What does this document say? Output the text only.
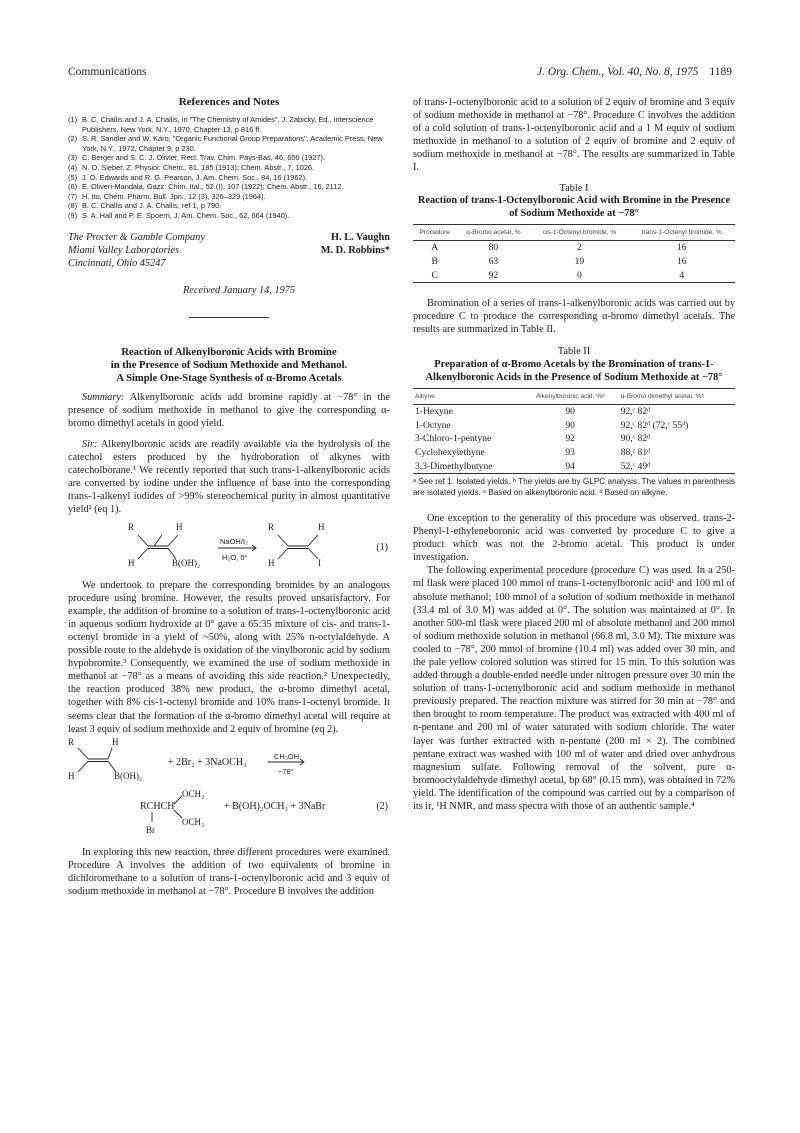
Communications	J. Org. Chem., Vol. 40, No. 8, 1975 1189
References and Notes

(1) B. C. Challis and J. A. Challis, in "The Chemistry of Amides", J. Zabicky, Ed., Interscience Publishers, New York, N.Y., 1970, Chapter 13, p 816 ff.

(2) S. R. Sandler and W. Karo, "Organic Functional Group Preparations", Academic Press, New York, N.Y., 1972, Chapter 9, p 230.

(3) C. Berger and S. C. J. Olivier, Recl. Trav. Chim. Pays-Bas, 46, 600 (1927).

(4) N. O. Sieber, Z. Physiol. Chem., 81, 185 (1913); Chem. Abstr., 7, 1026.

(5) J. O. Edwards and R. G. Pearson, J. Am. Chem. Soc., 84, 16 (1962).

(6) E. Oliveri-Mandala, Gazz. Chim. Ital., 52 (I), 107 (1922); Chem. Abstr., 16, 2112.

(7) H. Ito, Chem. Pharm. Bull. Jpn., 12 (3), 326–329 (1964).

(8) B. C. Challis and J. A. Challis, ref 1, p 790.

(9) S. A. Hall and P. E. Spoerri, J. Am. Chem. Soc., 62, 664 (1940).

The Procter & Gamble Company
Miami Valley Laboratories
Cincinnati, Ohio 45247
H. L. Vaughn
M. D. Robbins*
Received January 14, 1975
Reaction of Alkenylboronic Acids with Bromine
in the Presence of Sodium Methoxide and Methanol.
A Simple One-Stage Synthesis of α-Bromo Acetals

Summary: Alkenylboronic acids add bromine rapidly at −78° in the presence of sodium methoxide in methanol to give the corresponding α-bromo dimethyl acetals in good yield.

Sir: Alkenylboronic acids are readily available via the hydrolysis of the catechol esters produced by the hydroboration of alkynes with catecholborane.¹ We recently reported that such trans-1-alkenylboronic acids are converted by iodine under the influence of base into the corresponding trans-1-alkenyl iodides of >99% stereochemical purity in almost quantitative yield² (eq 1).

R	H
H	B(OH)₂
NaOH/I₂
H₂O, 0°
R	H
H	I
(1)

We undertook to prepare the corresponding bromides by an analogous procedure using bromine. However, the results proved unsatisfactory. For example, the addition of bromine to a solution of trans-1-octenylboronic acid in aqueous sodium hydroxide at 0° gave a 65:35 mixture of cis- and trans-1-octenyl bromide in a yield of ~50%, along with 25% n-octylaldehyde. A possible route to the aldehyde is oxidation of the vinylboronic acid by sodium hypobromite.³ Consequently, we examined the use of sodium methoxide in methanol at −78° as a means of avoiding this side reaction.² Unexpectedly, the reaction produced 38% new product, the α-bromo dimethyl acetal, together with 8% cis-1-octenyl bromide and 10% trans-1-octenyl bromide. It seems clear that the formation of the α-bromo dimethyl acetal will require at least 3 equiv of sodium methoxide and 2 equiv of bromine (eq 2).

R	H
H	B(OH)₂
+ 2Br₂ + 3NaOCH₃
CH₃OH
−78°
OCH₃
RCHCH
OCH₃
Br
+ B(OH)₂OCH₃ + 3NaBr	(2)

In exploring this new reaction, three different procedures were examined. Procedure A involves the addition of two equivalents of bromine in dichloromethane to a solution of trans-1-octenylboronic acid and 3 equiv of sodium methoxide in methanol at −78°. Procedure B involves the addition

of trans-1-octenylboronic acid to a solution of 2 equiv of bromine and 3 equiv of sodium methoxide in methanol at −78°. Procedure C involves the addition of a cold solution of trans-1-octenylboronic acid and a 1 M equiv of sodium methoxide in methanol to a solution of 2 equiv of bromine and 2 equiv of sodium methoxide in methanol at −78°. The results are summarized in Table I.

Table I
Reaction of trans-1-Octenylboronic Acid with Bromine in the Presence of Sodium Methoxide at −78°
Procedure	α-Bromo acetal, %	cis-1-Octenyl bromide, %	trans-1-Octenyl bromide, %
A	80	2	16
B	63	19	16
C	92	0	4

Bromination of a series of trans-1-alkenylboronic acids was carried out by procedure C to produce the corresponding α-bromo dimethyl acetals. The results are summarized in Table II.

Table II
Preparation of α-Bromo Acetals by the Bromination of trans-1-Alkenylboronic Acids in the Presence of Sodium Methoxide at −78°
Alkyne	Alkenylboronic acid, %ᵃ	α-Bromo dimethyl acetal, %ᵇ
1-Hexyne	90	92,ᶜ 82ᵈ
1-Octyne	90	92,ᶜ 82ᵈ (72,ᶜ 55ᵈ)
3-Chloro-1-pentyne	92	90,ᶜ 82ᵈ
Cyclohexylethyne	93	88,ᶜ 81ᵈ
3,3-Dimethylbutyne	94	52,ᶜ 49ᵈ
ᵃ See ref 1. Isolated yields. ᵇ The yields are by GLPC analysis. The values in parenthesis are isolated yields. ᶜ Based on alkenylboronic acid. ᵈ Based on alkyne.

One exception to the generality of this procedure was observed. trans-2-Phenyl-1-ethyleneboronic acid was converted by procedure C to give a product which was not the 2-bromo acetal. This product is under investigation.

The following experimental procedure (procedure C) was used. In a 250-ml flask were placed 100 mmol of trans-1-octenylboronic acid¹ and 100 ml of absolute methanol; 100 mmol of a solution of sodium methoxide in methanol (33.4 ml of 3.0 M) was added at 0°. The solution was maintained at 0°. In another 500-ml flask were placed 200 ml of absolute methanol and 200 mmol of sodium methoxide solution in methanol (66.8 ml, 3.0 M). The mixture was cooled to −78°, 200 mmol of bromine (10.4 ml) was added over 30 min, and the pale yellow colored solution was stirred for 15 min. To this solution was added through a double-ended needle under nitrogen pressure over 30 min the solution of trans-1-octenylboronic acid and sodium methoxide in methanol previously prepared. The reaction mixture was stirred for 30 min at −78° and then brought to room temperature. The product was extracted with 400 ml of n-pentane and 200 ml of water saturated with sodium chloride. The water layer was further extracted with n-pentane (200 ml × 2). The combined pentane extract was washed with 100 ml of water and dried over anhydrous magnesium sulfate. Following removal of the solvent, pure α-bromooctylaldehyde dimethyl acetal, bp 68° (0.15 mm), was obtained in 72% yield. The identification of the compound was carried out by a comparison of its ir, ¹H NMR, and mass spectra with those of an authentic sample.⁴
